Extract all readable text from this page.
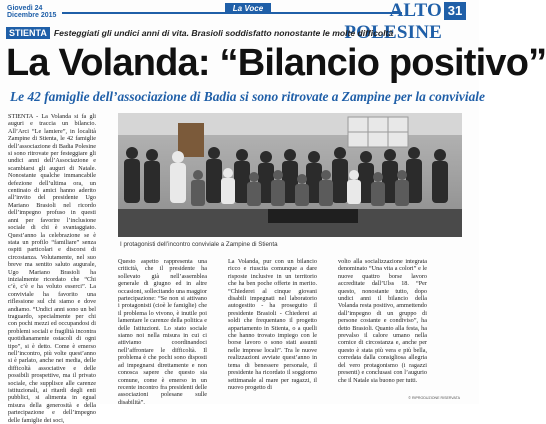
Giovedì 24
Dicembre 2015
La Voce	ALTO POLESINE
31
STIENTA Festeggiati gli undici anni di vita. Brasioli soddisfatto nonostante le molte difficoltà
La Volanda: “Bilancio positivo”
Le 42 famiglie dell’associazione di Badia si sono ritrovate a Zampine per la conviviale
STIENTA - La Volanda si fa gli auguri e traccia un bilancio. All’Arci “Le lamiere”, in località Zampine di Stienta, le 42 famiglie dell’associazione di Badia Polesine si sono ritrovate per festeggiare gli undici anni dell’Associazione e scambiarsi gli auguri di Natale. Nonostante qualche immancabile defezione dell’ultima ora, un centinaio di amici hanno aderito all’invito del presidente Ugo Mariano Brasioli nel ricordo dell’impegno profuso in questi anni per favorire l’inclusione sociale di chi è svantaggiato. Quest’anno la celebrazione se è stata un profilo “familiare” senza ospiti particolari e discorsi di circostanza. Volutamente, nel suo breve ma sentito saluto augurale, Ugo Mariano Brasioli ha inizialmente ricordato che “Chi c’è, c’è e ha voluto esserci”. La conviviale ha favorito una riflessione sul chi siamo e dove andiamo. “Undici anni sono un bel traguardo, specialmente per chi con pochi mezzi ed occupandosi di problemi sociali e fragilità incontra quotidianamente ostacoli di ogni tipo”, si è detto. Come è emerso nell’incontro, più volte quest’anno si è parlato, anche nei media, delle difficoltà associative e delle possibili prospettive, ma il privato sociale, che supplisce alle carenze istituzionali, ai ritardi degli enti pubblici, si alimenta in egual misura della generosità e della partecipazione e dell’impegno delle famiglie dei soci,
I protagonisti dell’incontro conviviale a Zampine di Stienta
Questo aspetto rappresenta una criticità, che il presidente ha sollevato già nell’assemblea generale di giugno ed in altre occasioni, sollecitando una maggior partecipazione: “Se non si attivano i protagonisti (cioè le famiglie) che il problema lo vivono, è inutile poi lamentare le carenze della politica e delle Istituzioni. Lo stato sociale siamo noi nella misura in cui ci attiviamo coordinandoci nell’affrontare le difficoltà. Il problema è che pochi sono disposti ad impegnarsi direttamente e non conosca sapere che questo sia comune, come è emerso in un recente incontro fra presidenti delle associazioni polesane sulle disabilità”.
La Volanda, pur con un bilancio ricco e riuscita comunque a dare risposte inclusive in un territorio che ha ben poche offerte in merito. “Chiederei al cinque giovani disabili impegnati nel laboratorio autogestito - ha proseguito il presidente Brasioli - Chiederei ai soldi che frequentano il progetto appartamento in Stienta, o a quelli che hanno trovato impiego con le borse lavoro o sono stati assunti nelle imprese locali”. Tra le nuove realizzazioni avviate quest’anno in tema di benessere personale, il presidente ha ricordato il soggiorno settimanale al mare per ragazzi, il nuovo progetto di
volto alla socializzazione integrata denominato “Una vita a colori” e le nuove quattro borse lavoro accreditate dall’Ulss 18. “Per questo, nonostante tutto, dopo undici anni il bilancio della Volanda resta positivo, ammettendo dall’impegno di un gruppo di persone costante e condiviso”, ha detto Brasioli. Quanto alla festa, ha prevalso il calore umano nella cornice di circostanza e, anche per questo è stata più vera e più bella, corredata dalla consigliosa allegria del vero protagonismo (i ragazzi presenti) e conclusasi con l’augurio che il Natale sia buono per tutti.
© RIPRODUZIONE RISERVATA
